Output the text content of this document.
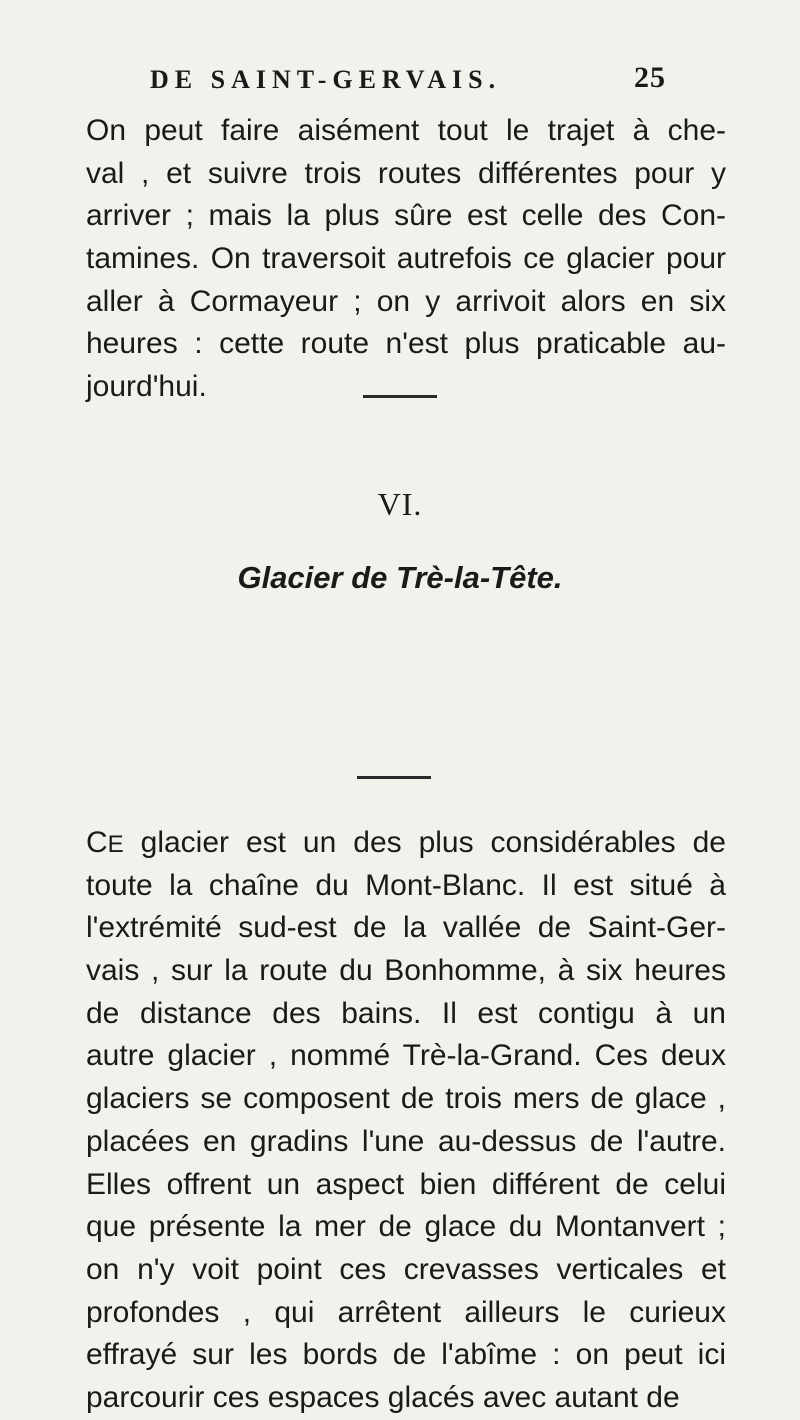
DE SAINT-GERVAIS.	25
On peut faire aisément tout le trajet à che-
val , et suivre trois routes différentes pour y
arriver ; mais la plus sûre est celle des Con-
tamines. On traversoit autrefois ce glacier pour
aller à Cormayeur ; on y arrivoit alors en six
heures : cette route n'est plus praticable au-
jourd'hui.
VI.
Glacier de Trè-la-Tête.
CE glacier est un des plus considérables de
toute la chaîne du Mont-Blanc. Il est situé à
l'extrémité sud-est de la vallée de Saint-Ger-
vais , sur la route du Bonhomme, à six heures
de distance des bains. Il est contigu à un
autre glacier , nommé Trè-la-Grand. Ces deux
glaciers se composent de trois mers de glace ,
placées en gradins l'une au-dessus de l'autre.
Elles offrent un aspect bien différent de celui
que présente la mer de glace du Montanvert ;
on n'y voit point ces crevasses verticales et
profondes , qui arrêtent ailleurs le curieux
effrayé sur les bords de l'abîme : on peut ici
parcourir ces espaces glacés avec autant de
